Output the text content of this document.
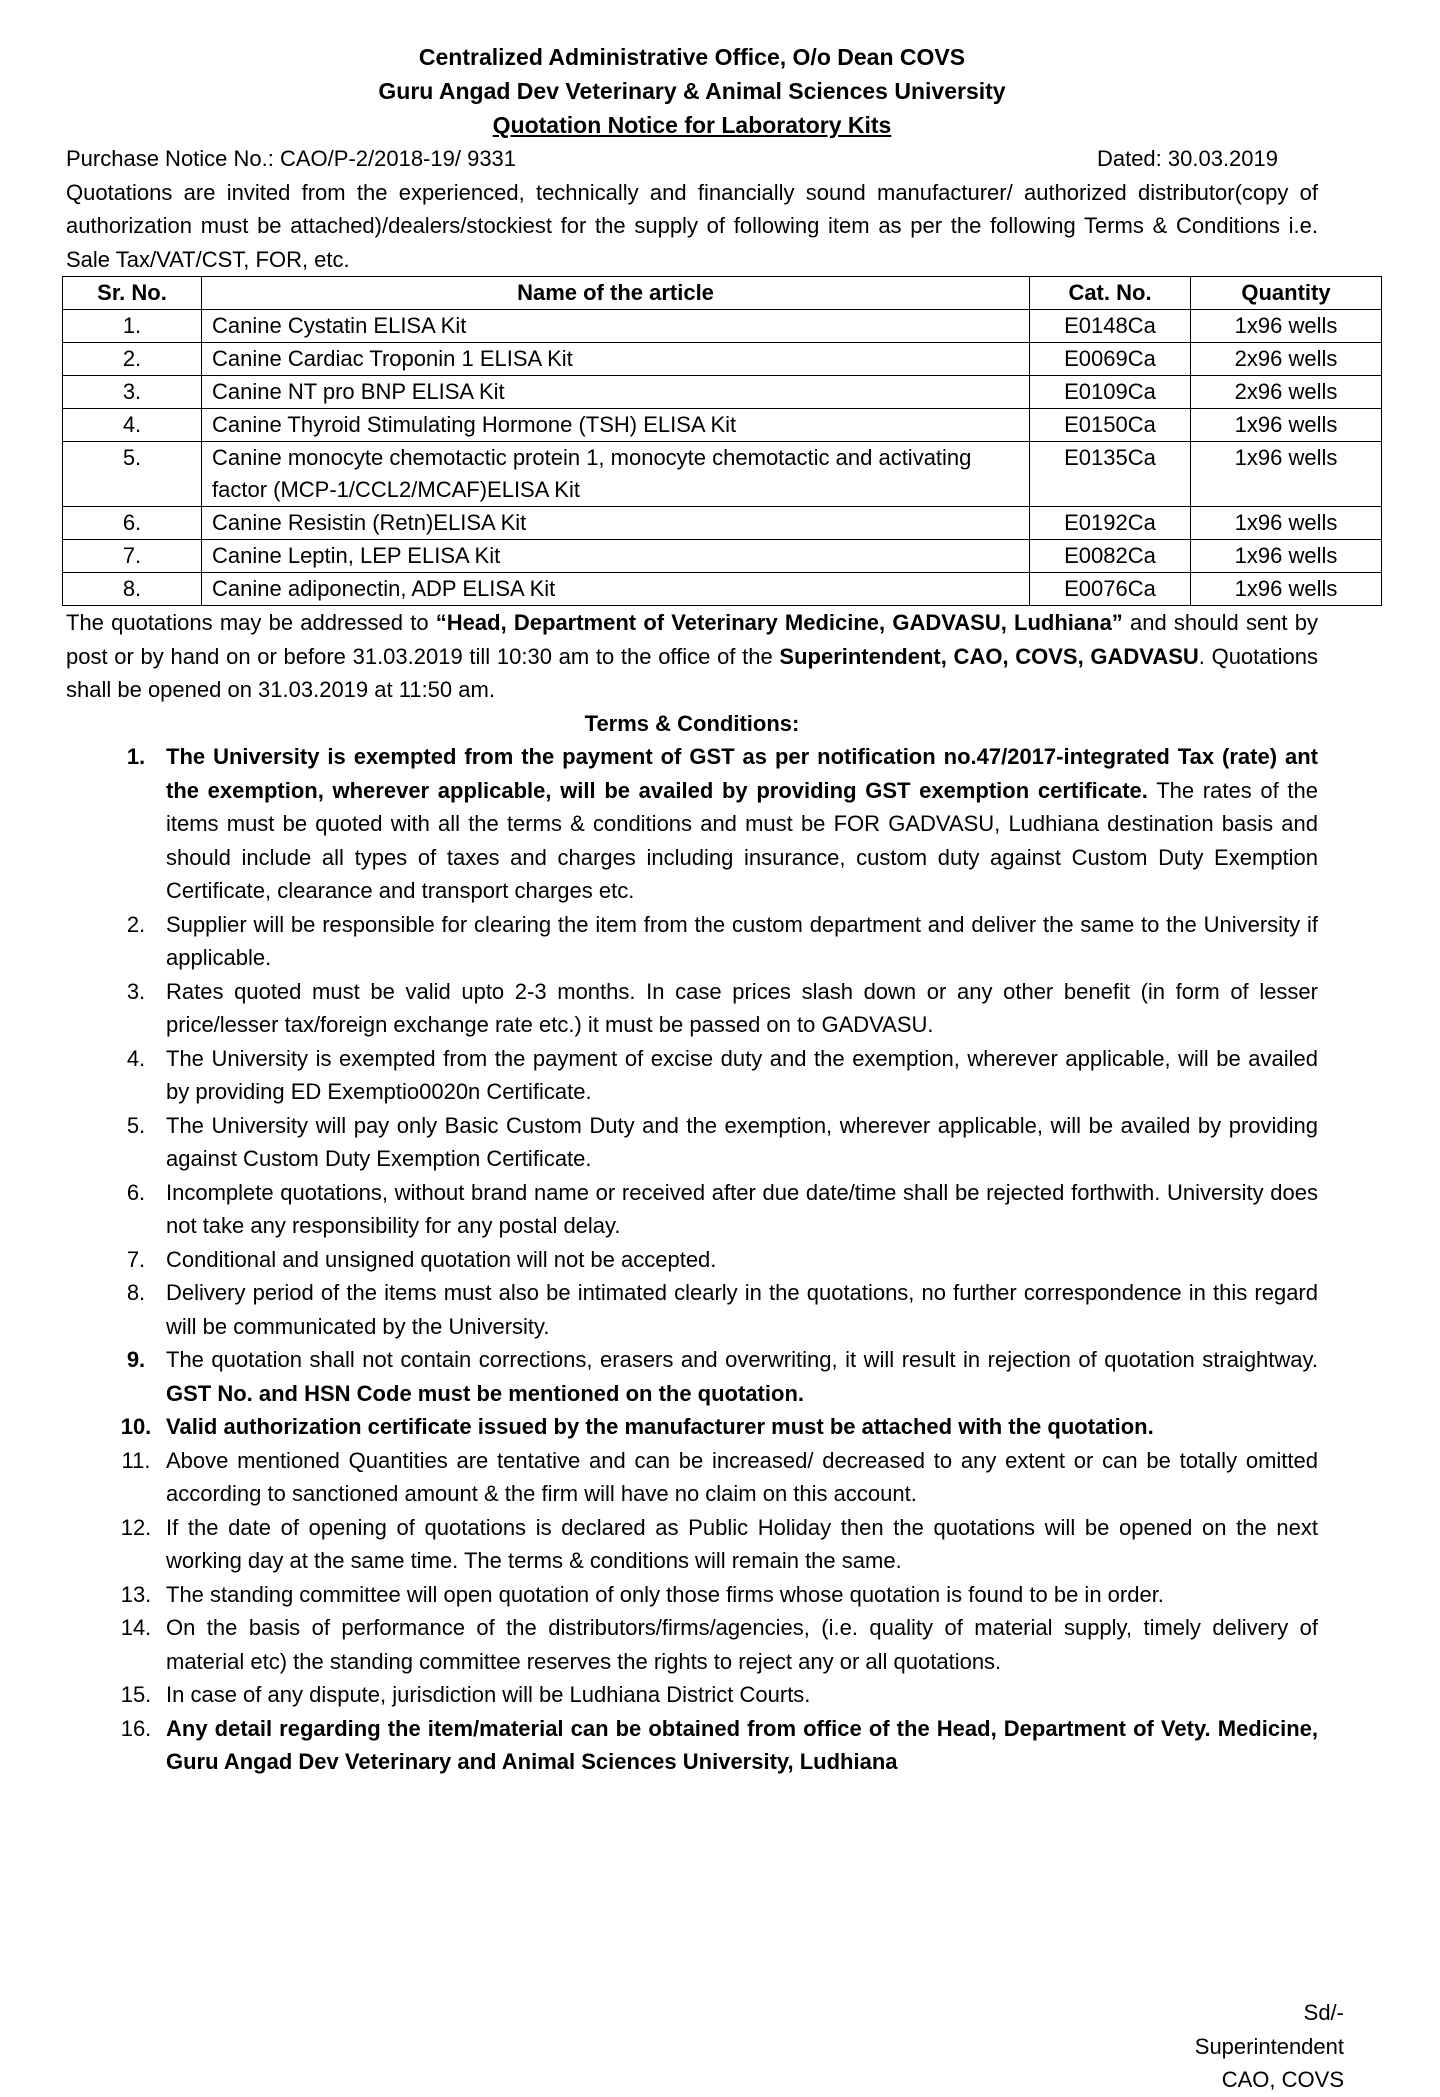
Centralized Administrative Office, O/o Dean COVS
Guru Angad Dev Veterinary & Animal Sciences University
Quotation Notice for Laboratory Kits
Purchase Notice No.: CAO/P-2/2018-19/ 9331	Dated: 30.03.2019
Quotations are invited from the experienced, technically and financially sound manufacturer/ authorized distributor(copy of authorization must be attached)/dealers/stockiest for the supply of following item as per the following Terms & Conditions i.e. Sale Tax/VAT/CST, FOR, etc.
Sr. No.	Name of the article	Cat. No.	Quantity
1.	Canine Cystatin ELISA Kit	E0148Ca	1x96 wells
2.	Canine Cardiac Troponin 1 ELISA Kit	E0069Ca	2x96 wells
3.	Canine NT pro BNP ELISA Kit	E0109Ca	2x96 wells
4.	Canine Thyroid Stimulating Hormone (TSH) ELISA Kit	E0150Ca	1x96 wells
5.	Canine monocyte chemotactic protein 1, monocyte chemotactic and activating factor (MCP-1/CCL2/MCAF)ELISA Kit	E0135Ca	1x96 wells
6.	Canine Resistin (Retn)ELISA Kit	E0192Ca	1x96 wells
7.	Canine Leptin, LEP ELISA Kit	E0082Ca	1x96 wells
8.	Canine adiponectin, ADP ELISA Kit	E0076Ca	1x96 wells
The quotations may be addressed to “Head, Department of Veterinary Medicine, GADVASU, Ludhiana” and should sent by post or by hand on or before 31.03.2019 till 10:30 am to the office of the Superintendent, CAO, COVS, GADVASU. Quotations shall be opened on 31.03.2019 at 11:50 am.
Terms & Conditions:
1. The University is exempted from the payment of GST as per notification no.47/2017-integrated Tax (rate) ant the exemption, wherever applicable, will be availed by providing GST exemption certificate. The rates of the items must be quoted with all the terms & conditions and must be FOR GADVASU, Ludhiana destination basis and should include all types of taxes and charges including insurance, custom duty against Custom Duty Exemption Certificate, clearance and transport charges etc.
2. Supplier will be responsible for clearing the item from the custom department and deliver the same to the University if applicable.
3. Rates quoted must be valid upto 2-3 months. In case prices slash down or any other benefit (in form of lesser price/lesser tax/foreign exchange rate etc.) it must be passed on to GADVASU.
4. The University is exempted from the payment of excise duty and the exemption, wherever applicable, will be availed by providing ED Exemptio0020n Certificate.
5. The University will pay only Basic Custom Duty and the exemption, wherever applicable, will be availed by providing against Custom Duty Exemption Certificate.
6. Incomplete quotations, without brand name or received after due date/time shall be rejected forthwith. University does not take any responsibility for any postal delay.
7. Conditional and unsigned quotation will not be accepted.
8. Delivery period of the items must also be intimated clearly in the quotations, no further correspondence in this regard will be communicated by the University.
9. The quotation shall not contain corrections, erasers and overwriting, it will result in rejection of quotation straightway. GST No. and HSN Code must be mentioned on the quotation.
10. Valid authorization certificate issued by the manufacturer must be attached with the quotation.
11. Above mentioned Quantities are tentative and can be increased/ decreased to any extent or can be totally omitted according to sanctioned amount & the firm will have no claim on this account.
12. If the date of opening of quotations is declared as Public Holiday then the quotations will be opened on the next working day at the same time. The terms & conditions will remain the same.
13. The standing committee will open quotation of only those firms whose quotation is found to be in order.
14. On the basis of performance of the distributors/firms/agencies, (i.e. quality of material supply, timely delivery of material etc) the standing committee reserves the rights to reject any or all quotations.
15. In case of any dispute, jurisdiction will be Ludhiana District Courts.
16. Any detail regarding the item/material can be obtained from office of the Head, Department of Vety. Medicine, Guru Angad Dev Veterinary and Animal Sciences University, Ludhiana
Sd/-
Superintendent
CAO, COVS
